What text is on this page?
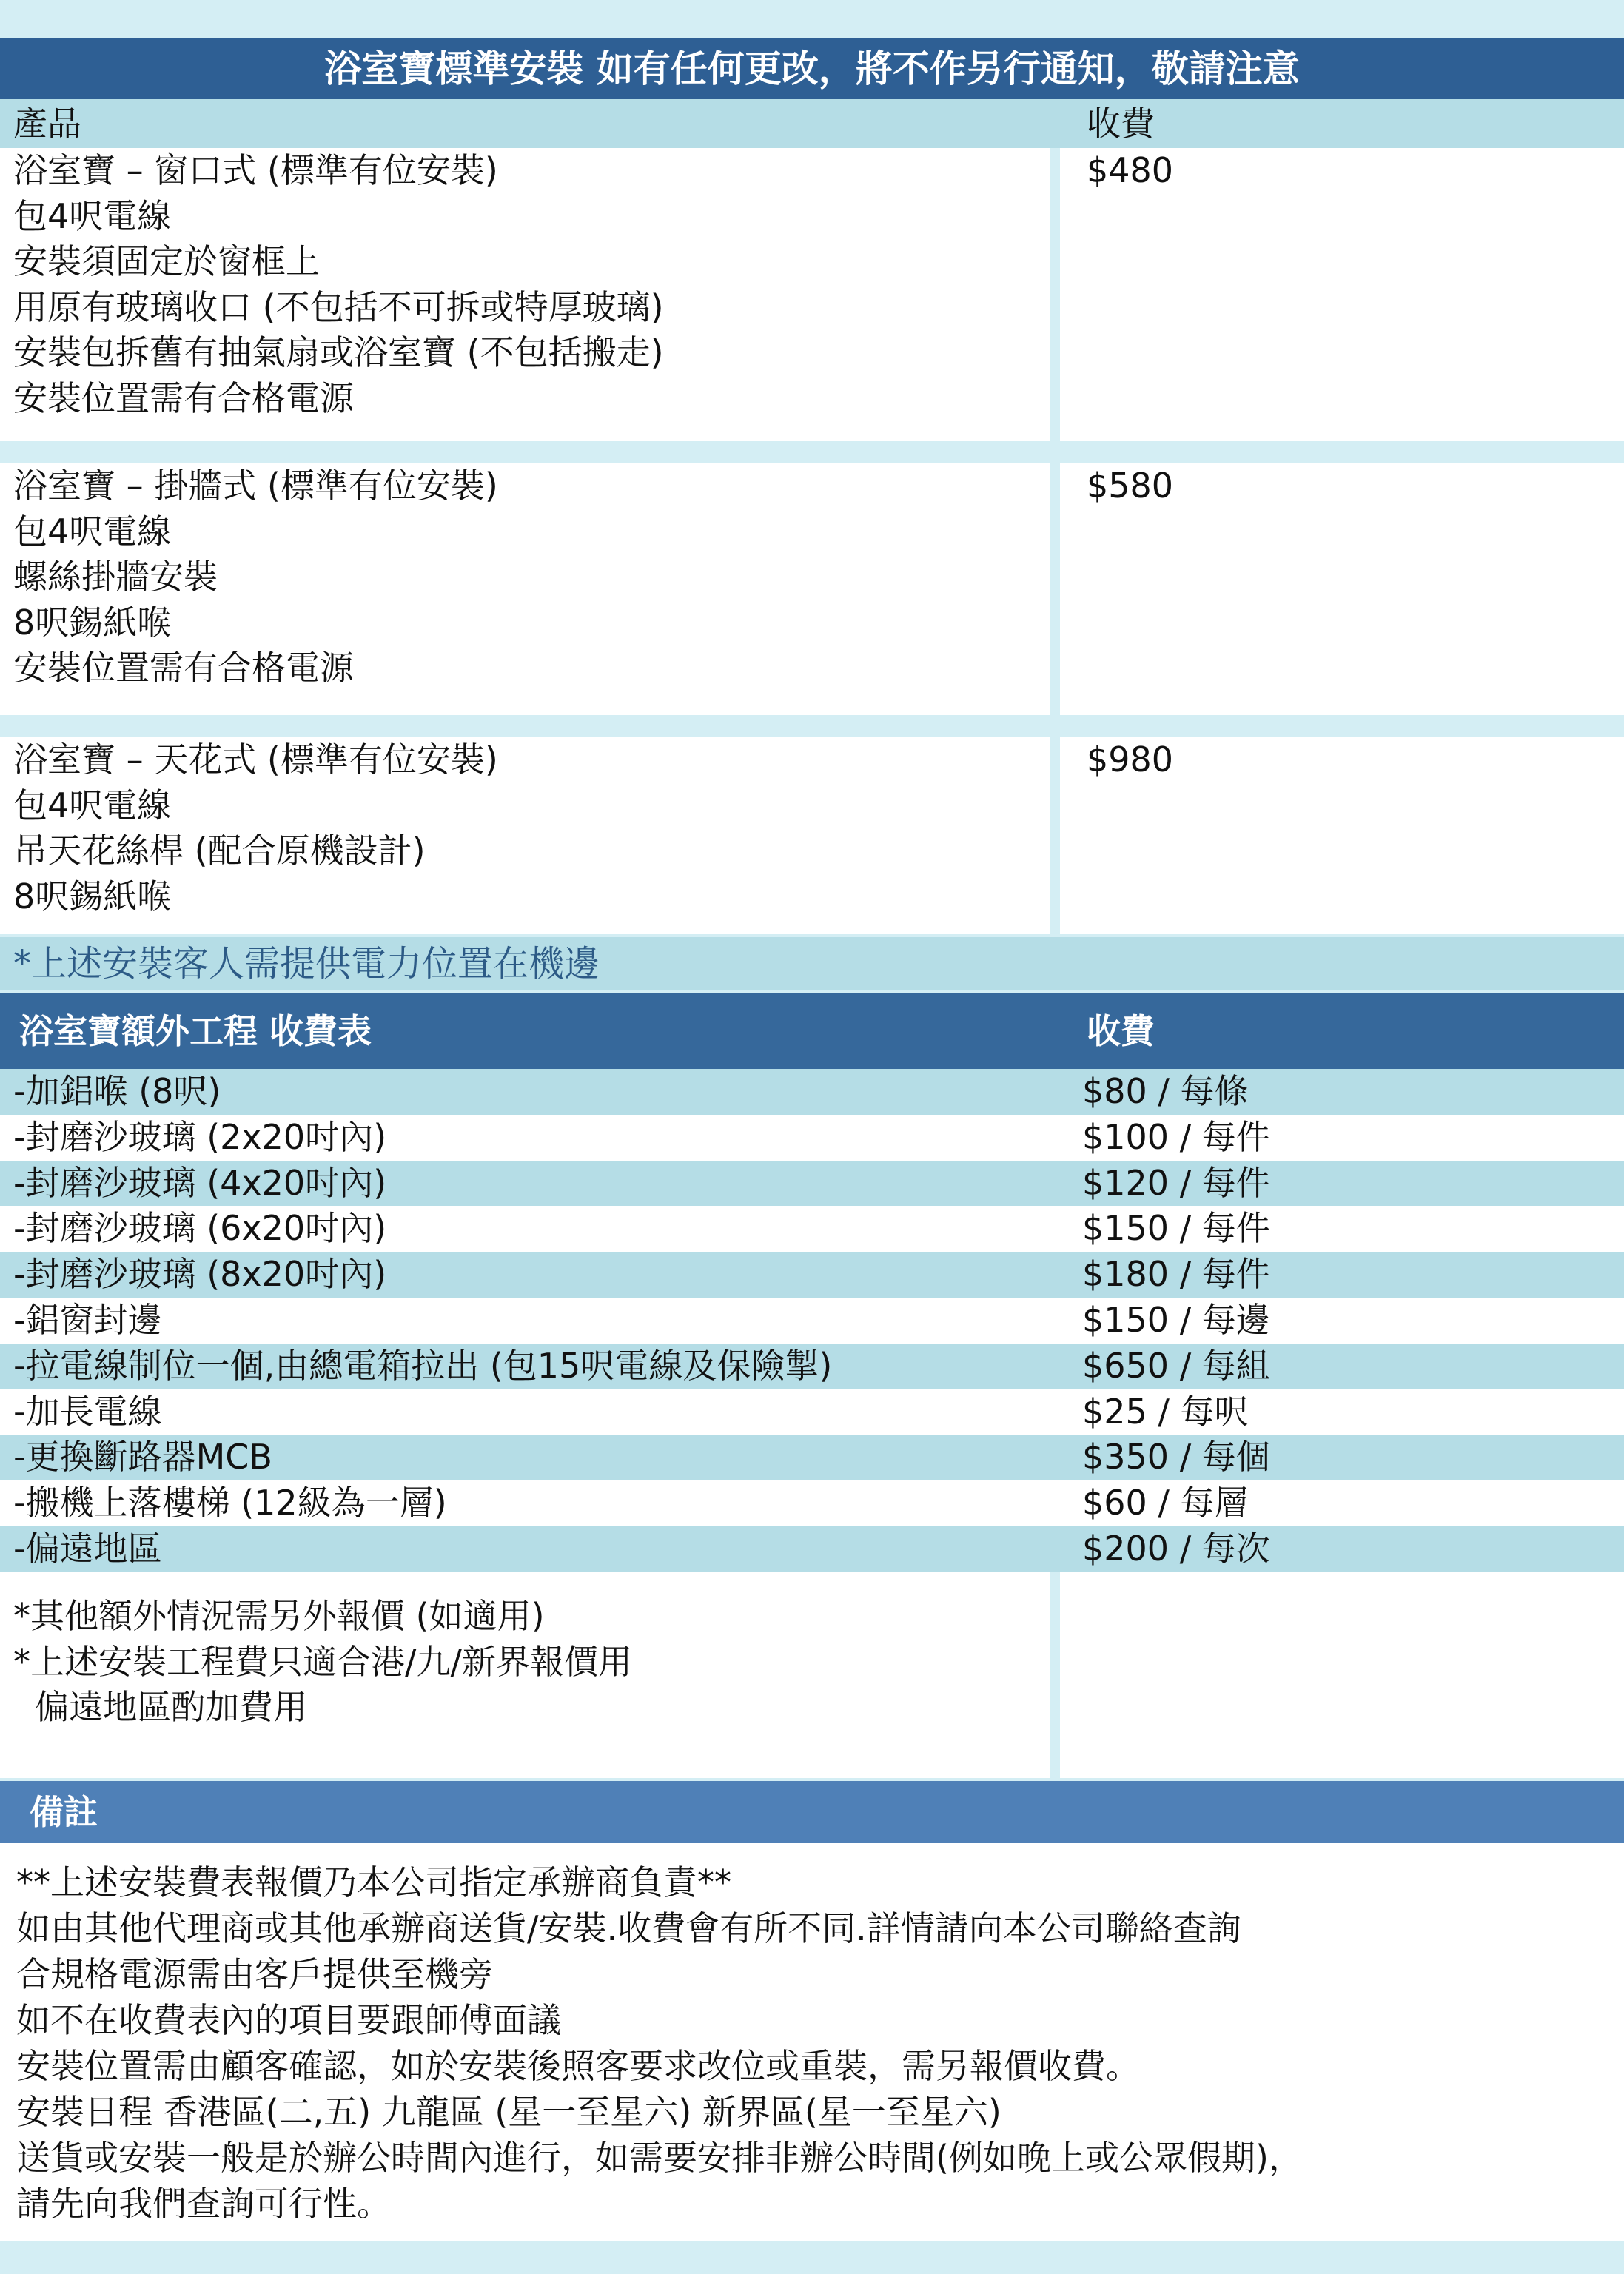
浴室寶標準安裝 如有任何更改，將不作另行通知，敬請注意
產品	收費
浴室寶 – 窗口式 (標準有位安裝)
包4呎電線
安裝須固定於窗框上
用原有玻璃收口 (不包括不可拆或特厚玻璃)
安裝包拆舊有抽氣扇或浴室寶 (不包括搬走)
安裝位置需有合格電源
$480
浴室寶 – 掛牆式 (標準有位安裝)
包4呎電線
螺絲掛牆安裝
8呎錫紙喉
安裝位置需有合格電源
$580
浴室寶 – 天花式 (標準有位安裝)
包4呎電線
吊天花絲桿 (配合原機設計)
8呎錫紙喉
$980
*上述安裝客人需提供電力位置在機邊
浴室寶額外工程 收費表	收費
-加鋁喉 (8呎)	$80 / 每條
-封磨沙玻璃 (2x20吋內)	$100 / 每件
-封磨沙玻璃 (4x20吋內)	$120 / 每件
-封磨沙玻璃 (6x20吋內)	$150 / 每件
-封磨沙玻璃 (8x20吋內)	$180 / 每件
-鋁窗封邊	$150 / 每邊
-拉電線制位一個,由總電箱拉出 (包15呎電線及保險掣)	$650 / 每組
-加長電線	$25 / 每呎
-更換斷路器MCB	$350 / 每個
-搬機上落樓梯 (12級為一層)	$60 / 每層
-偏遠地區	$200 / 每次
*其他額外情況需另外報價 (如適用)
*上述安裝工程費只適合港/九/新界報價用
偏遠地區酌加費用
備註
**上述安裝費表報價乃本公司指定承辦商負責**
如由其他代理商或其他承辦商送貨/安裝.收費會有所不同.詳情請向本公司聯絡查詢
合規格電源需由客戶提供至機旁
如不在收費表內的項目要跟師傅面議
安裝位置需由顧客確認，如於安裝後照客要求改位或重裝，需另報價收費。
安裝日程 香港區(二,五) 九龍區 (星一至星六) 新界區(星一至星六)
送貨或安裝一般是於辦公時間內進行，如需要安排非辦公時間(例如晚上或公眾假期)，
請先向我們查詢可行性。
